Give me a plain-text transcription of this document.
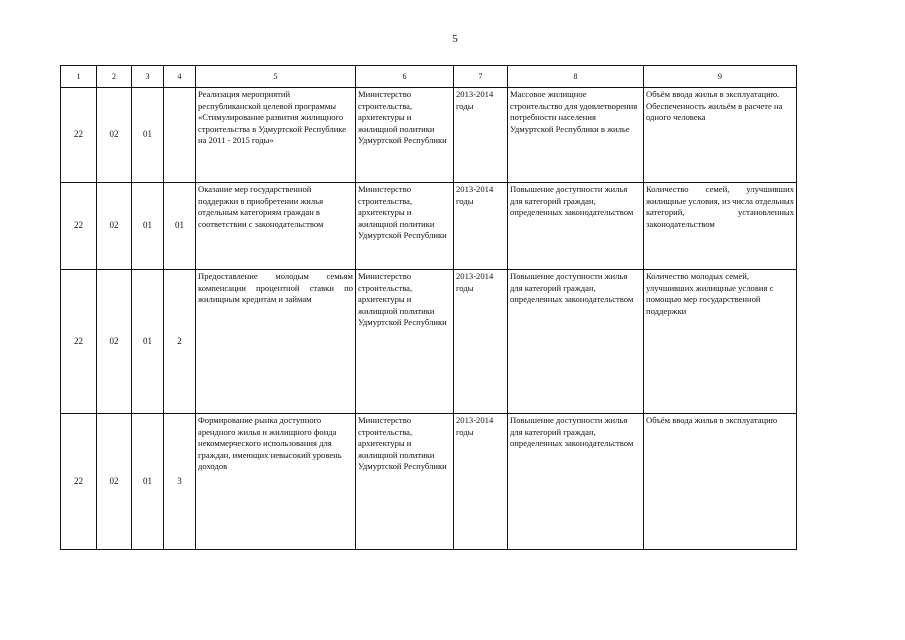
5
1	2	3	4	5	6	7	8	9
22	02	01		Реализация мероприятий республиканской целевой программы «Стимулирование развития жилищного строительства в Удмуртской Республике на 2011 - 2015 годы»	Министерство строительства, архитектуры и жилищной политики Удмуртской Республики	2013-2014 годы	Массовое жилищное строительство для удовлетворения потребности населения Удмуртской Республики в жилье	Объём ввода жилья в эксплуатацию. Обеспеченность жильём в расчете на одного человека
22	02	01	01	Оказание мер государственной поддержки в приобретении жилья отдельным категориям граждан в соответствии с законодательством	Министерство строительства, архитектуры и жилищной политики Удмуртской Республики	2013-2014 годы	Повышение доступности жилья для категорий граждан, определенных законодательством	Количество семей, улучшивших жилищные условия, из числа отдельных категорий, установленных законодательством
22	02	01	2	Предоставление молодым семьям компенсации процентной ставки по жилищным кредитам и займам	Министерство строительства, архитектуры и жилищной политики Удмуртской Республики	2013-2014 годы	Повышение доступности жилья для категорий граждан, определенных законодательством	Количество молодых семей, улучшивших жилищные условия с помощью мер государственной поддержки
22	02	01	3	Формирование рынка доступного арендного жилья и жилищного фонда некоммерческого использования для граждан, имеющих невысокий уровень доходов	Министерство строительства, архитектуры и жилищной политики Удмуртской Республики	2013-2014 годы	Повышение доступности жилья для категорий граждан, определенных законодательством	Объём ввода жилья в эксплуатацию
